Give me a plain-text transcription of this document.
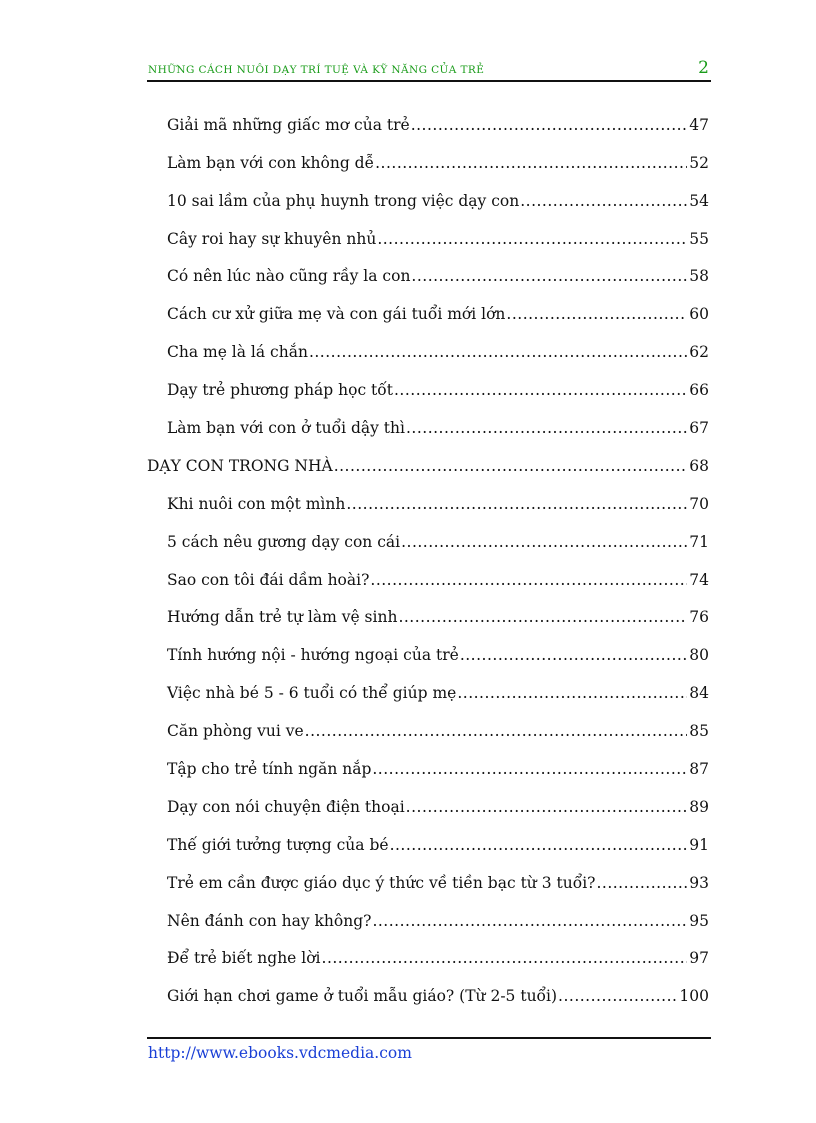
NHỮNG CÁCH NUÔI DẠY TRÍ TUỆ VÀ KỸ NĂNG CỦA TRẺ	2
Giải mã những giấc mơ của trẻ .....	47
Làm bạn với con không dễ .....	52
10 sai lầm của phụ huynh trong việc dạy con .....	54
Cây roi hay sự khuyên nhủ .....	55
Có nên lúc nào cũng rầy la con .....	58
Cách cư xử giữa mẹ và con gái tuổi mới lớn .....	60
Cha mẹ là lá chắn .....	62
Dạy trẻ phương pháp học tốt .....	66
Làm bạn với con ở tuổi dậy thì .....	67
DẠY CON TRONG NHÀ .....	68
Khi nuôi con một mình .....	70
5 cách nêu gương dạy con cái .....	71
Sao con tôi đái dầm hoài? .....	74
Hướng dẫn trẻ tự làm vệ sinh .....	76
Tính hướng nội - hướng ngoại của trẻ .....	80
Việc nhà bé 5 - 6 tuổi có thể giúp mẹ .....	84
Căn phòng vui ve .....	85
Tập cho trẻ tính ngăn nắp .....	87
Dạy con nói chuyện điện thoại .....	89
Thế giới tưởng tượng của bé .....	91
Trẻ em cần được giáo dục ý thức về tiền bạc từ 3 tuổi? .....	93
Nên đánh con hay không? .....	95
Để trẻ biết nghe lời .....	97
Giới hạn chơi game ở tuổi mẫu giáo? (Từ 2-5 tuổi) .....	100
http://www.ebooks.vdcmedia.com
